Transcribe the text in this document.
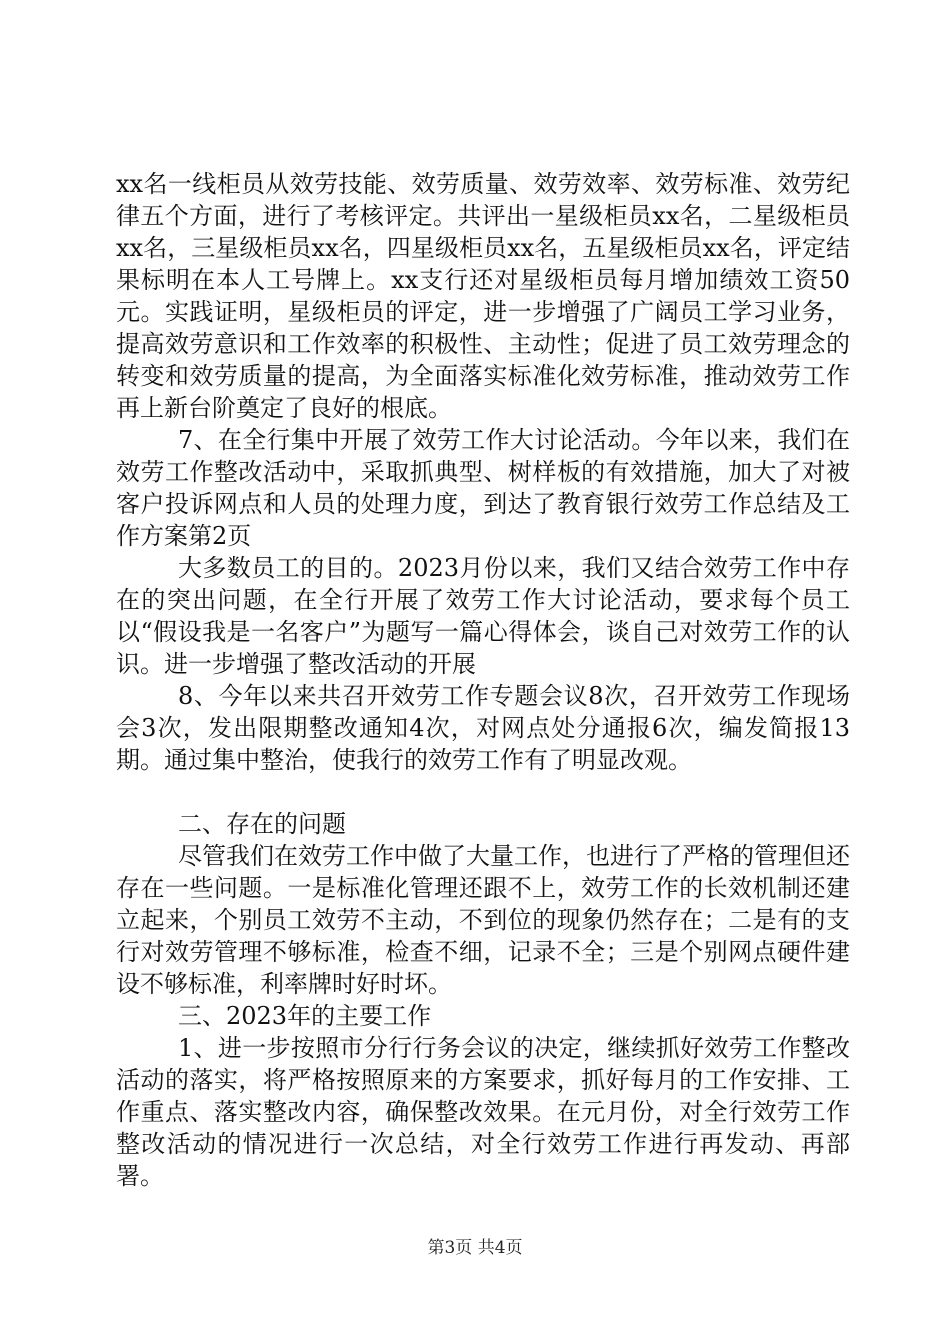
xx名一线柜员从效劳技能、效劳质量、效劳效率、效劳标准、效劳纪律五个方面，进行了考核评定。共评出一星级柜员xx名，二星级柜员xx名，三星级柜员xx名，四星级柜员xx名，五星级柜员xx名，评定结果标明在本人工号牌上。xx支行还对星级柜员每月增加绩效工资50元。实践证明，星级柜员的评定，进一步增强了广阔员工学习业务，提高效劳意识和工作效率的积极性、主动性；促进了员工效劳理念的转变和效劳质量的提高，为全面落实标准化效劳标准，推动效劳工作再上新台阶奠定了良好的根底。

7、在全行集中开展了效劳工作大讨论活动。今年以来，我们在效劳工作整改活动中，采取抓典型、树样板的有效措施，加大了对被客户投诉网点和人员的处理力度，到达了教育银行效劳工作总结及工作方案第2页

大多数员工的目的。2023月份以来，我们又结合效劳工作中存在的突出问题，在全行开展了效劳工作大讨论活动，要求每个员工以“假设我是一名客户”为题写一篇心得体会，谈自己对效劳工作的认识。进一步增强了整改活动的开展

8、今年以来共召开效劳工作专题会议8次，召开效劳工作现场会3次，发出限期整改通知4次，对网点处分通报6次，编发简报13期。通过集中整治，使我行的效劳工作有了明显改观。

二、存在的问题

尽管我们在效劳工作中做了大量工作，也进行了严格的管理但还存在一些问题。一是标准化管理还跟不上，效劳工作的长效机制还建立起来，个别员工效劳不主动，不到位的现象仍然存在；二是有的支行对效劳管理不够标准，检查不细，记录不全；三是个别网点硬件建设不够标准，利率牌时好时坏。

三、2023年的主要工作

1、进一步按照市分行行务会议的决定，继续抓好效劳工作整改活动的落实，将严格按照原来的方案要求，抓好每月的工作安排、工作重点、落实整改内容，确保整改效果。在元月份，对全行效劳工作整改活动的情况进行一次总结，对全行效劳工作进行再发动、再部署。

第3页 共4页
